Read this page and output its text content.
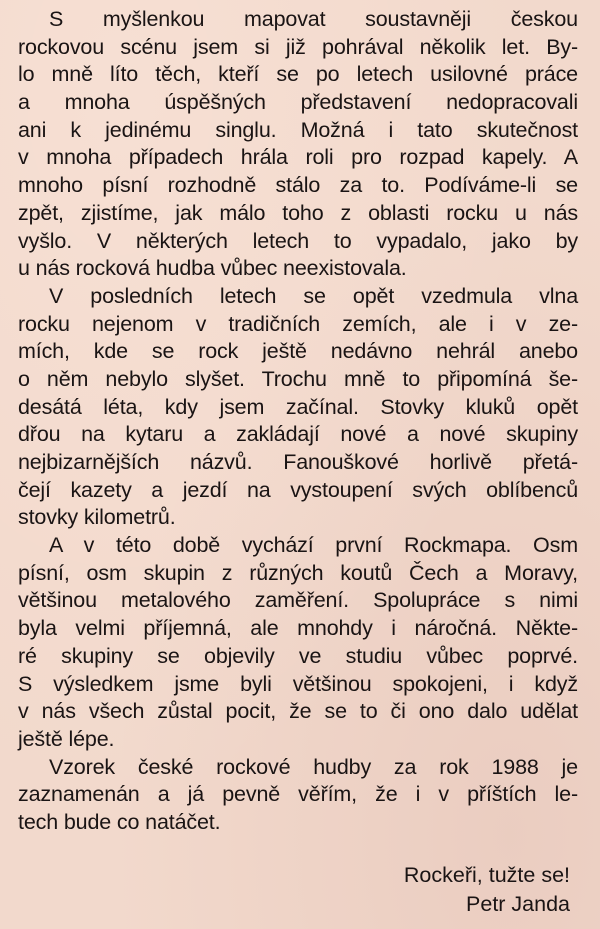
S myšlenkou mapovat soustavněji českou
rockovou scénu jsem si již pohrával několik let. By-
lo mně líto těch, kteří se po letech usilovné práce
a mnoha úspěšných představení nedopracovali
ani k jedinému singlu. Možná i tato skutečnost
v mnoha případech hrála roli pro rozpad kapely. A
mnoho písní rozhodně stálo za to. Podíváme-li se
zpět, zjistíme, jak málo toho z oblasti rocku u nás
vyšlo. V některých letech to vypadalo, jako by
u nás rocková hudba vůbec neexistovala.
V posledních letech se opět vzedmula vlna
rocku nejenom v tradičních zemích, ale i v ze-
mích, kde se rock ještě nedávno nehrál anebo
o něm nebylo slyšet. Trochu mně to připomíná še-
desátá léta, kdy jsem začínal. Stovky kluků opět
dřou na kytaru a zakládají nové a nové skupiny
nejbizarnějších názvů. Fanouškové horlivě přetá-
čejí kazety a jezdí na vystoupení svých oblíbenců
stovky kilometrů.
A v této době vychází první Rockmapa. Osm
písní, osm skupin z různých koutů Čech a Moravy,
většinou metalového zaměření. Spolupráce s nimi
byla velmi příjemná, ale mnohdy i náročná. Někte-
ré skupiny se objevily ve studiu vůbec poprvé.
S výsledkem jsme byli většinou spokojeni, i když
v nás všech zůstal pocit, že se to či ono dalo udělat
ještě lépe.
Vzorek české rockové hudby za rok 1988 je
zaznamenán a já pevně věřím, že i v příštích le-
tech bude co natáčet.
Rockeři, tužte se!
Petr Janda
